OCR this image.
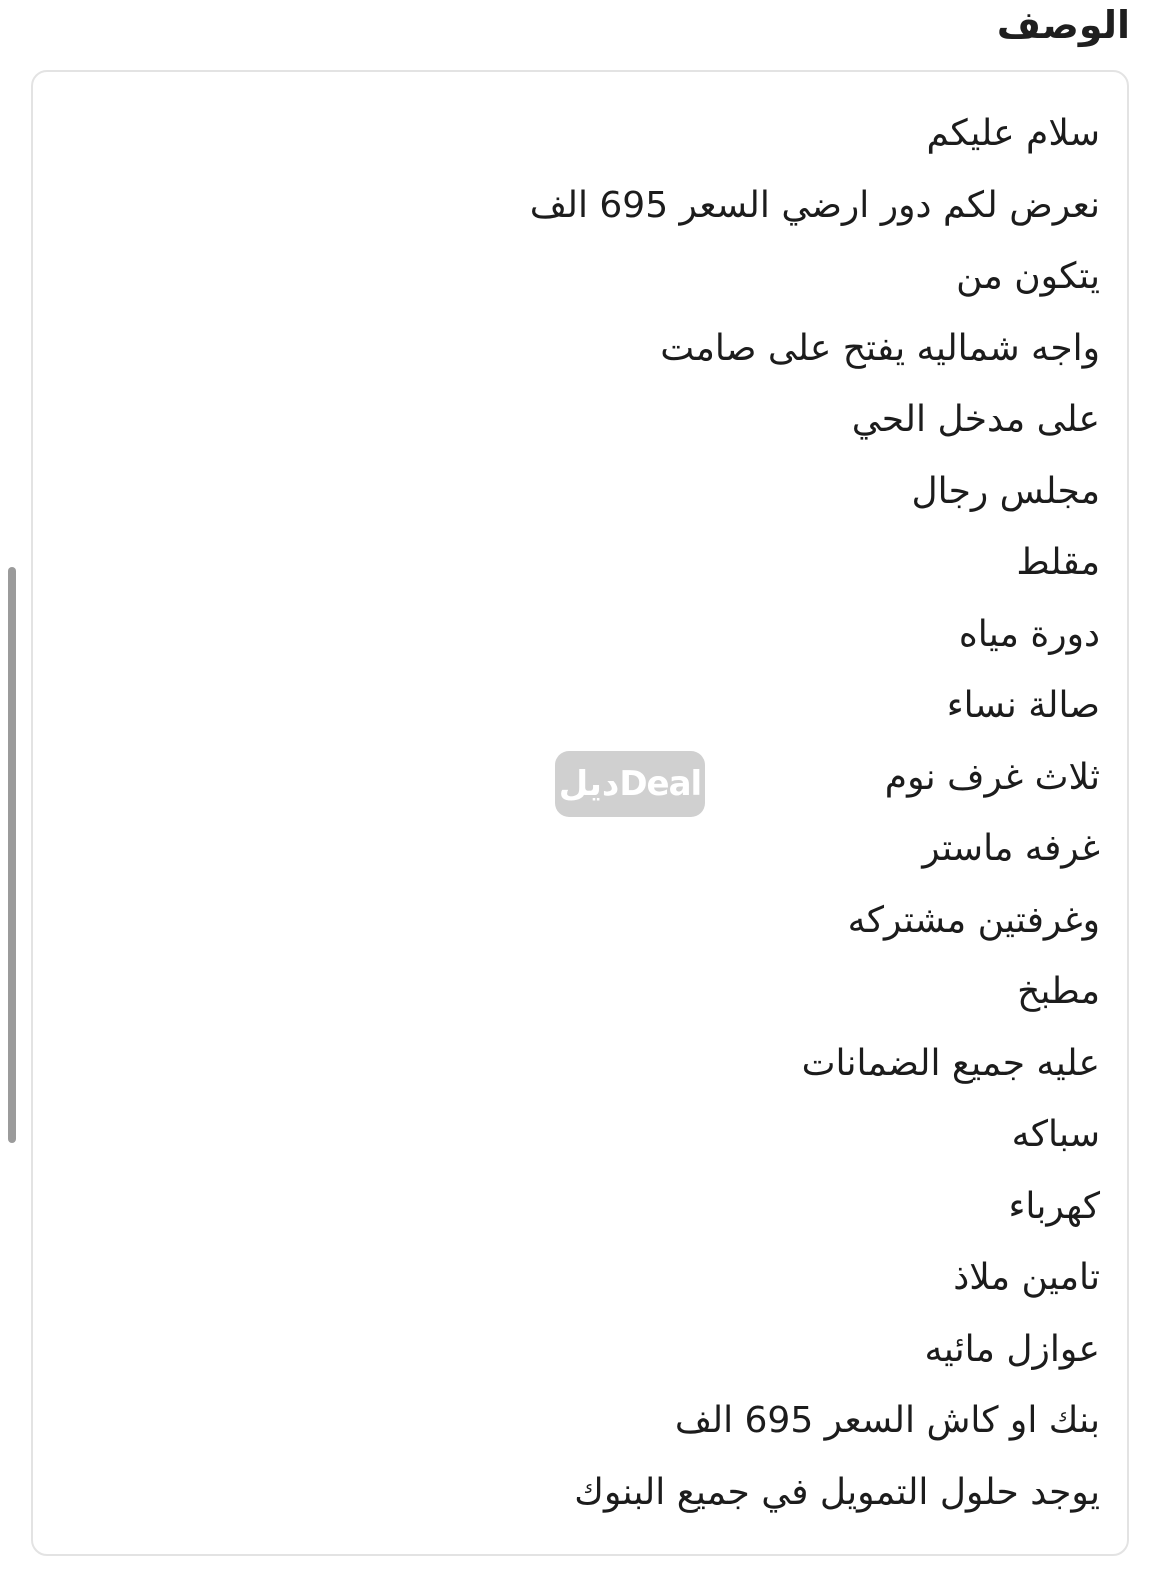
الوصف
سلام عليكم
نعرض لكم دور ارضي السعر 695 الف
يتكون من
واجه شماليه يفتح على صامت
على مدخل الحي
مجلس رجال
مقلط
دورة مياه
صالة نساء
ثلاث غرف نوم
غرفه ماستر
وغرفتين مشتركه
مطبخ
عليه جميع الضمانات
سباكه
كهرباء
تامين ملاذ
عوازل مائيه
بنك او كاش السعر 695 الف
يوجد حلول التمويل في جميع البنوك
ديلDeal
